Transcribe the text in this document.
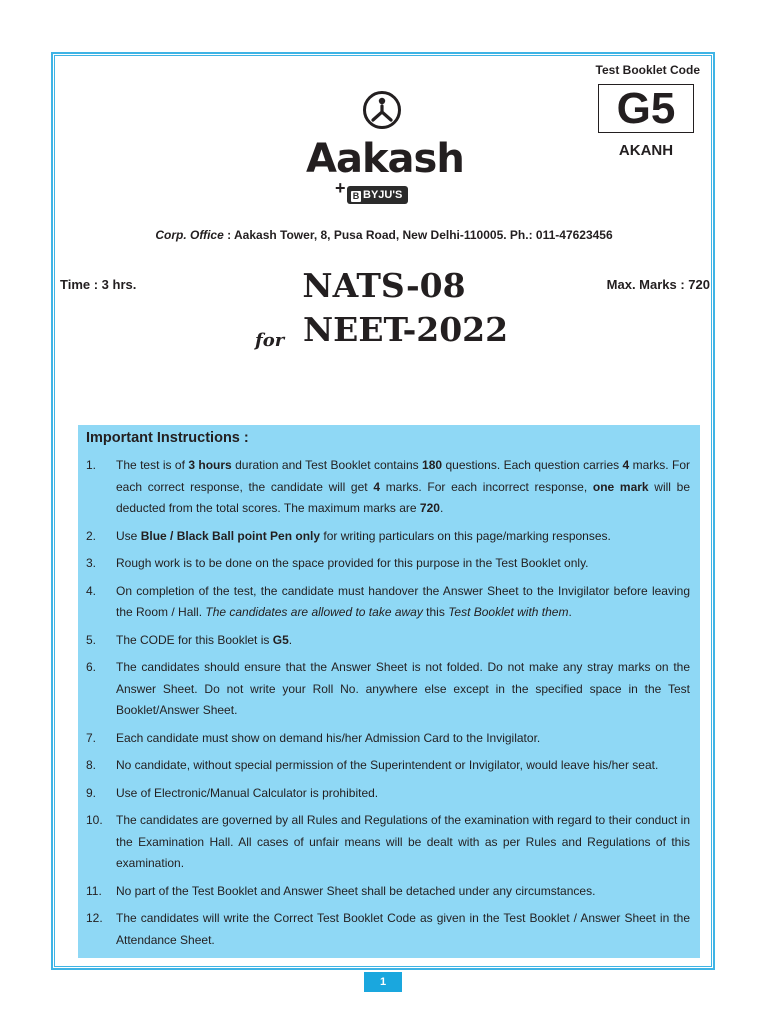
Test Booklet Code
G5
AKANH
Aakash
+ B BYJU'S
Corp. Office : Aakash Tower, 8, Pusa Road, New Delhi-110005. Ph.: 011-47623456
Time : 3 hrs.	Max. Marks : 720
NATS-08
for NEET-2022
Important Instructions :
1.	The test is of 3 hours duration and Test Booklet contains 180 questions. Each question carries 4 marks. For each correct response, the candidate will get 4 marks. For each incorrect response, one mark will be deducted from the total scores. The maximum marks are 720.
2.	Use Blue / Black Ball point Pen only for writing particulars on this page/marking responses.
3.	Rough work is to be done on the space provided for this purpose in the Test Booklet only.
4.	On completion of the test, the candidate must handover the Answer Sheet to the Invigilator before leaving the Room / Hall. The candidates are allowed to take away this Test Booklet with them.
5.	The CODE for this Booklet is G5.
6.	The candidates should ensure that the Answer Sheet is not folded. Do not make any stray marks on the Answer Sheet. Do not write your Roll No. anywhere else except in the specified space in the Test Booklet/Answer Sheet.
7.	Each candidate must show on demand his/her Admission Card to the Invigilator.
8.	No candidate, without special permission of the Superintendent or Invigilator, would leave his/her seat.
9.	Use of Electronic/Manual Calculator is prohibited.
10.	The candidates are governed by all Rules and Regulations of the examination with regard to their conduct in the Examination Hall. All cases of unfair means will be dealt with as per Rules and Regulations of this examination.
11.	No part of the Test Booklet and Answer Sheet shall be detached under any circumstances.
12.	The candidates will write the Correct Test Booklet Code as given in the Test Booklet / Answer Sheet in the Attendance Sheet.
1
